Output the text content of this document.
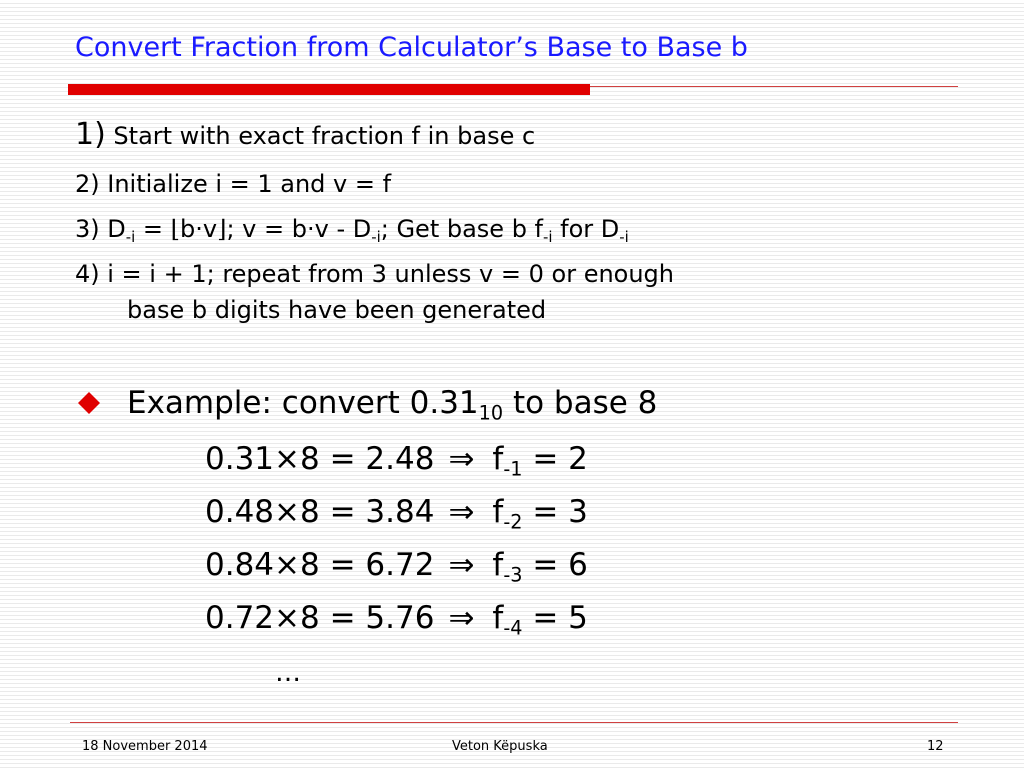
Convert Fraction from Calculator’s Base to Base b
1) Start with exact fraction f in base c
2) Initialize i = 1 and v = f
3) $D_{-i}$ = ⌊b·v⌋; $v = b\cdot v - D_{-i}$; Get base b $f_{-i}$ for $D_{-i}$
4) i = i + 1; repeat from 3 unless v = 0 or enough
base b digits have been generated
Example: convert $0.31_{10}$ to base 8
0.31×8 = 2.48 ⇒ $f_{-1} = 2$
0.48×8 = 3.84 ⇒ $f_{-2} = 3$
0.84×8 = 6.72 ⇒ $f_{-3} = 6$
0.72×8 = 5.76 ⇒ $f_{-4} = 5$
…
18 November 2014	Veton Këpuska	12
